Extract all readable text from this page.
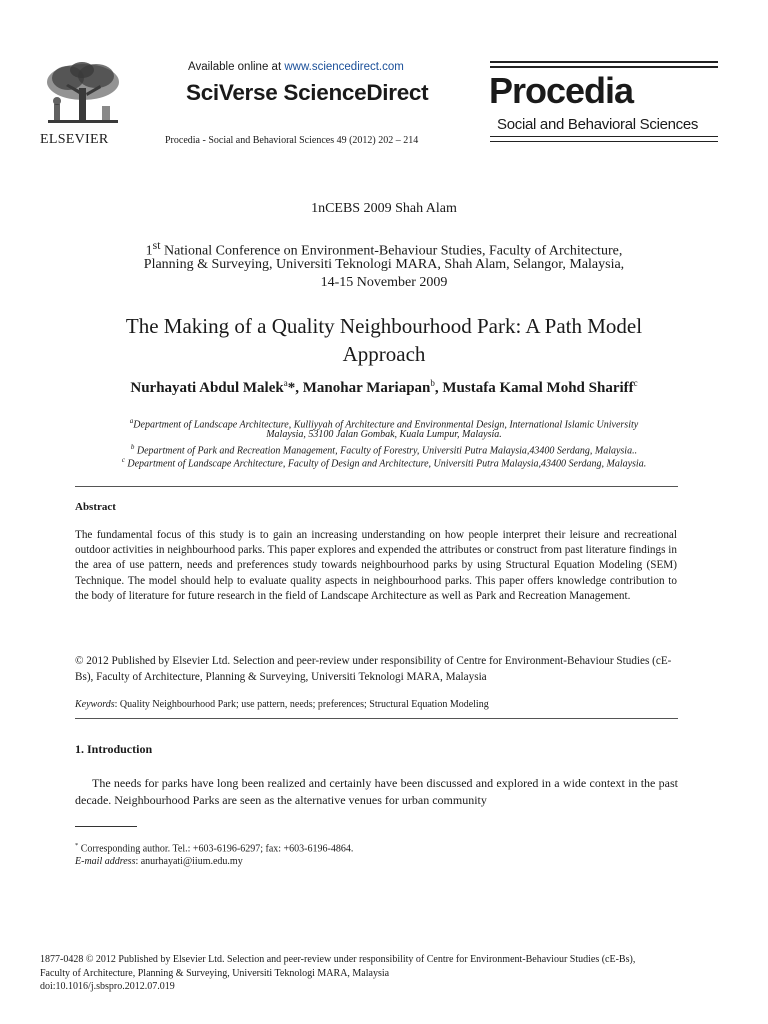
ELSEVIER
Available online at www.sciencedirect.com
SciVerse ScienceDirect
Procedia - Social and Behavioral Sciences 49 (2012) 202 – 214
Procedia
Social and Behavioral Sciences
1nCEBS 2009 Shah Alam
1st National Conference on Environment-Behaviour Studies, Faculty of Architecture,
Planning & Surveying, Universiti Teknologi MARA, Shah Alam, Selangor, Malaysia,
14-15 November 2009
The Making of a Quality Neighbourhood Park: A Path Model
Approach
Nurhayati Abdul Malek$^a$*, Manohar Mariapan$^b$, Mustafa Kamal Mohd Shariff$^c$
$^a$Department of Landscape Architecture, Kulliyyah of Architecture and Environmental Design, International Islamic University
Malaysia, 53100 Jalan Gombak, Kuala Lumpur, Malaysia.
$^b$ Department of Park and Recreation Management, Faculty of Forestry, Universiti Putra Malaysia,43400 Serdang, Malaysia..
$^c$ Department of Landscape Architecture, Faculty of Design and Architecture, Universiti Putra Malaysia,43400 Serdang, Malaysia.
Abstract
The fundamental focus of this study is to gain an increasing understanding on how people interpret their leisure and recreational outdoor activities in neighbourhood parks. This paper explores and expended the attributes or construct from past literature findings in the area of use pattern, needs and preferences study towards neighbourhood parks by using Structural Equation Modeling (SEM) Technique. The model should help to evaluate quality aspects in neighbourhood parks. This paper offers knowledge contribution to the body of literature for future research in the field of Landscape Architecture as well as Park and Recreation Management.
© 2012 Published by Elsevier Ltd. Selection and peer-review under responsibility of Centre for Environment-Behaviour Studies (cE-Bs), Faculty of Architecture, Planning & Surveying, Universiti Teknologi MARA, Malaysia
Keywords: Quality Neighbourhood Park; use pattern, needs; preferences; Structural Equation Modeling
1. Introduction
The needs for parks have long been realized and certainly have been discussed and explored in a wide context in the past decade. Neighbourhood Parks are seen as the alternative venues for urban community
* Corresponding author. Tel.: +603-6196-6297; fax: +603-6196-4864.
E-mail address: anurhayati@iium.edu.my
1877-0428 © 2012 Published by Elsevier Ltd. Selection and peer-review under responsibility of Centre for Environment-Behaviour Studies (cE-Bs),
Faculty of Architecture, Planning & Surveying, Universiti Teknologi MARA, Malaysia
doi:10.1016/j.sbspro.2012.07.019
